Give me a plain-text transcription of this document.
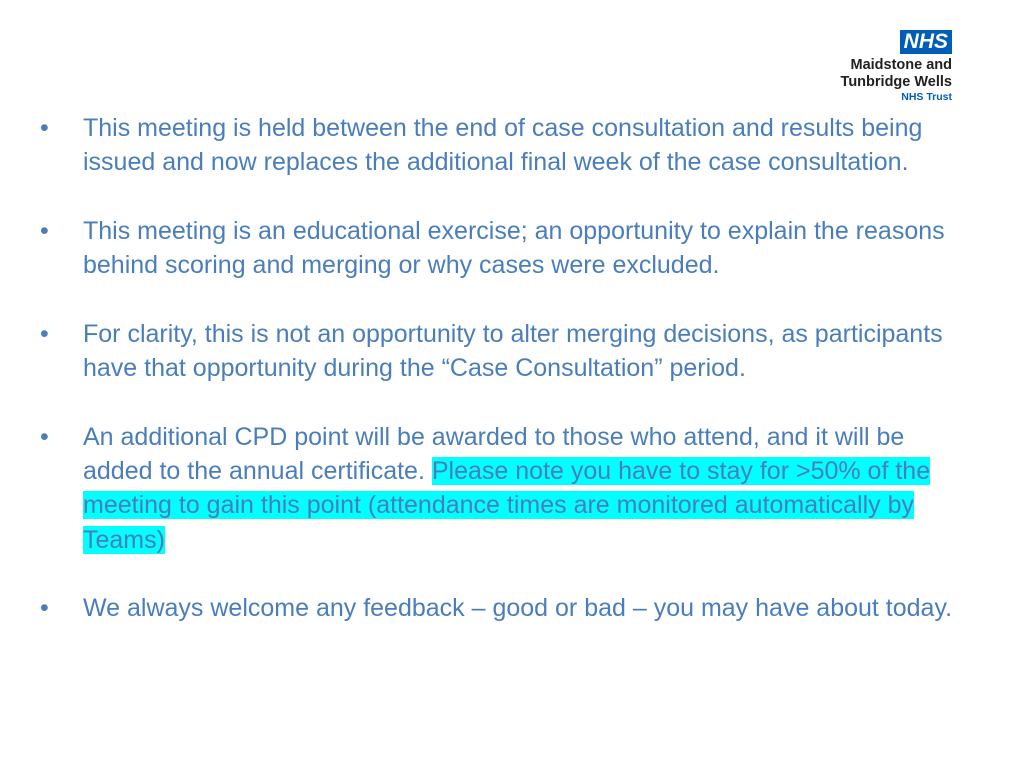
NHS
Maidstone and
Tunbridge Wells
NHS Trust
•	This meeting is held between the end of case consultation and results being issued and now replaces the additional final week of the case consultation.
•	This meeting is an educational exercise; an opportunity to explain the reasons behind scoring and merging or why cases were excluded.
•	For clarity, this is not an opportunity to alter merging decisions, as participants have that opportunity during the “Case Consultation” period.
•	An additional CPD point will be awarded to those who attend, and it will be added to the annual certificate. Please note you have to stay for >50% of the meeting to gain this point (attendance times are monitored automatically by Teams)
•	We always welcome any feedback – good or bad – you may have about today.
